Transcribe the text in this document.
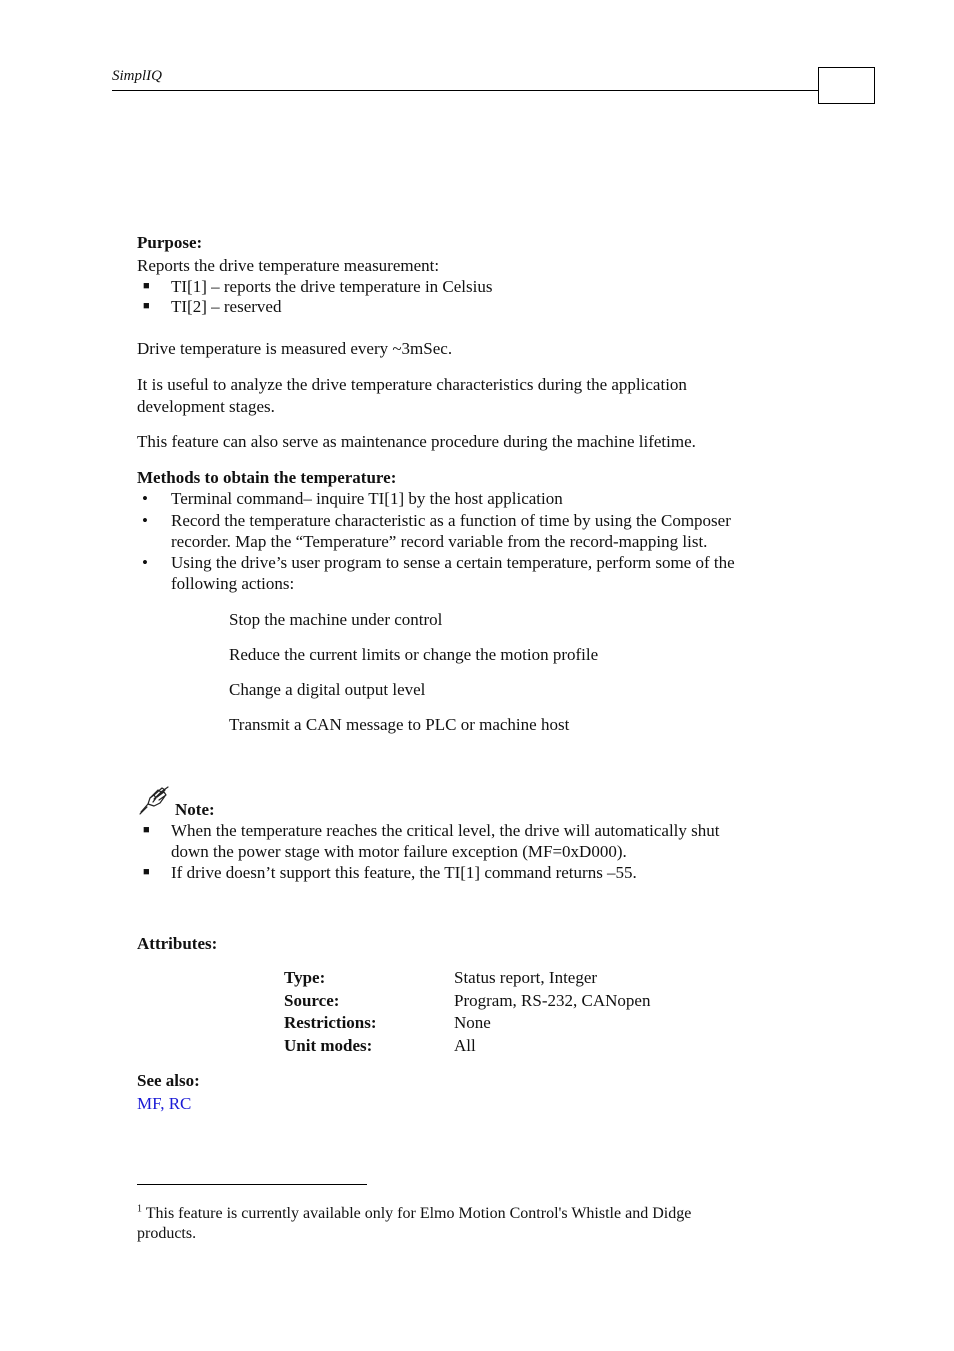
SimplIQ
Purpose:
Reports the drive temperature measurement:
■ TI[1] – reports the drive temperature in Celsius
■ TI[2] – reserved
Drive temperature is measured every ~3mSec.
It is useful to analyze the drive temperature characteristics during the application
development stages.
This feature can also serve as maintenance procedure during the machine lifetime.
Methods to obtain the temperature:
• Terminal command– inquire TI[1] by the host application
• Record the temperature characteristic as a function of time by using the Composer
recorder. Map the “Temperature” record variable from the record-mapping list.
• Using the drive’s user program to sense a certain temperature, perform some of the
following actions:
Stop the machine under control
Reduce the current limits or change the motion profile
Change a digital output level
Transmit a CAN message to PLC or machine host
Note:
■ When the temperature reaches the critical level, the drive will automatically shut
down the power stage with motor failure exception (MF=0xD000).
■ If drive doesn’t support this feature, the TI[1] command returns –55.
Attributes:
Type:	Status report, Integer
Source:	Program, RS-232, CANopen
Restrictions:	None
Unit modes:	All
See also:
MF, RC
$^1$ This feature is currently available only for Elmo Motion Control's Whistle and Didge
products.
